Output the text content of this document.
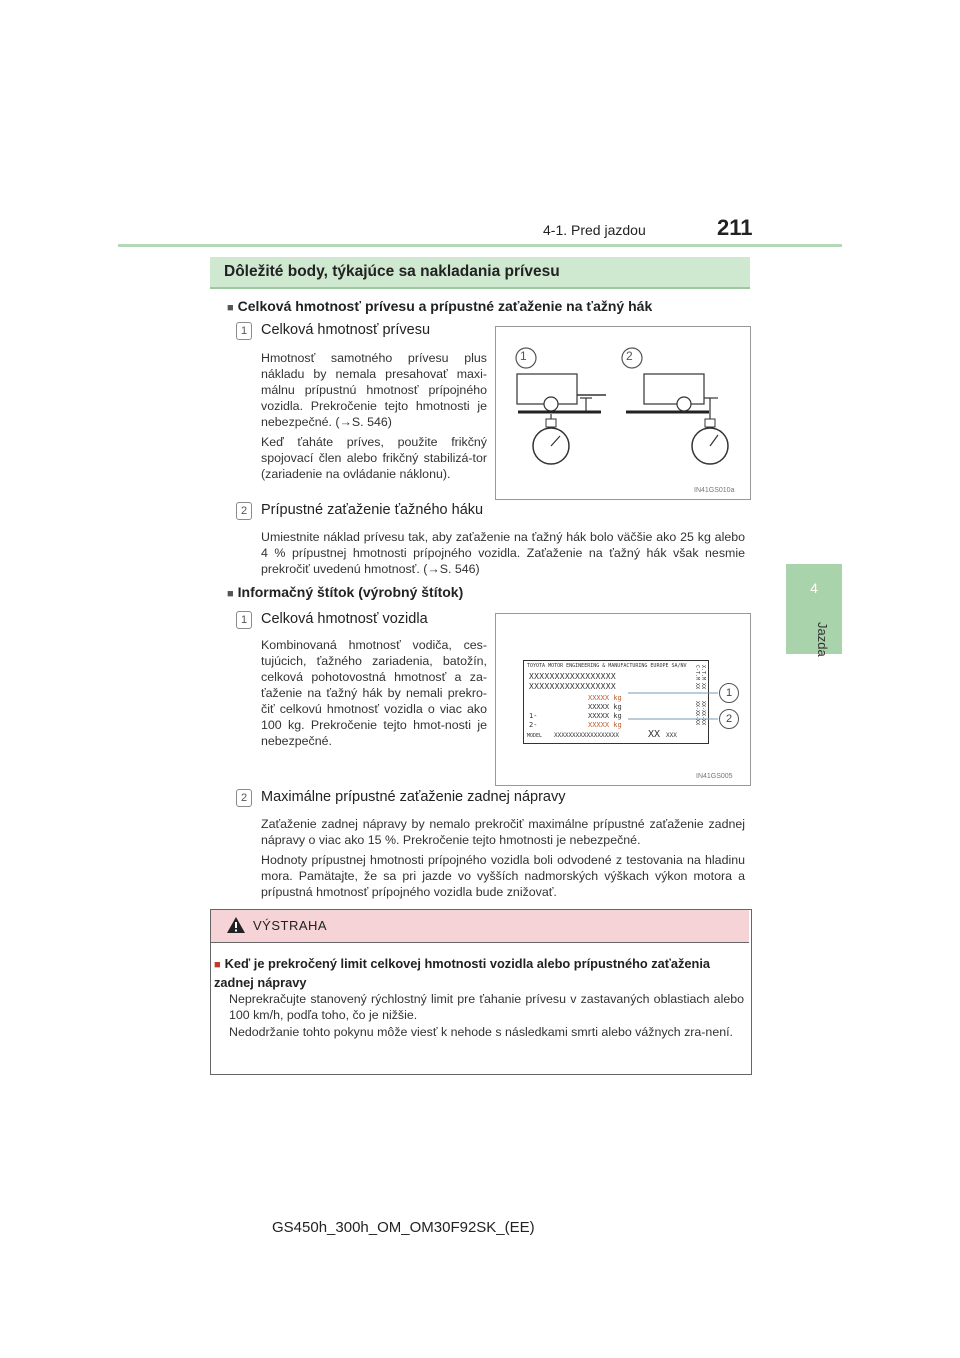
4-1. Pred jazdou	211
4
Jazda
Dôležité body, týkajúce sa nakladania prívesu
■ Celková hmotnosť prívesu a prípustné zaťaženie na ťažný hák
1 Celková hmotnosť prívesu
Hmotnosť samotného prívesu plus nákladu by nemala presahovať maxi-málnu prípustnú hmotnosť prípojného vozidla. Prekročenie tejto hmotnosti je nebezpečné. (→S. 546)
Keď ťaháte príves, použite frikčný spojovací člen alebo frikčný stabilizá-tor (zariadenie na ovládanie náklonu).
1	2
IN41GS010a
2 Prípustné zaťaženie ťažného háku
Umiestnite náklad prívesu tak, aby zaťaženie na ťažný hák bolo väčšie ako 25 kg alebo 4 % prípustnej hmotnosti prípojného vozidla. Zaťaženie na ťažný hák však nesmie prekročiť uvedenú hmotnosť. (→S. 546)
■ Informačný štítok (výrobný štítok)
1 Celková hmotnosť vozidla
Kombinovaná hmotnosť vodiča, ces-tujúcich, ťažného zariadenia, batožín, celková pohotovostná hmotnosť a za-ťaženie na ťažný hák by nemali prekro-čiť celkovú hmotnosť vozidla o viac ako 100 kg. Prekročenie tejto hmot-nosti je nebezpečné.
TOYOTA MOTOR ENGINEERING & MANUFACTURING EUROPE SA/NV
XXXXXXXXXXXXXXXXX
XXXXXXXXXXXXXXXXX
XXXXX kg
XXXXX kg
XXXXX kg
XXXXX kg
1-
2-
MODEL XXXXXXXXXXXXXXXXXX	XX XXX
C-T.M XX X.T.M XX
XX-XX-XX XX-XX-XX
1
2
IN41GS005
2 Maximálne prípustné zaťaženie zadnej nápravy
Zaťaženie zadnej nápravy by nemalo prekročiť maximálne prípustné zaťaženie zadnej nápravy o viac ako 15 %. Prekročenie tejto hmotnosti je nebezpečné.
Hodnoty prípustnej hmotnosti prípojného vozidla boli odvodené z testovania na hladinu mora. Pamätajte, že sa pri jazde vo vyšších nadmorských výškach výkon motora a prípustná hmotnosť prípojného vozidla bude znižovať.
VÝSTRAHA
■ Keď je prekročený limit celkovej hmotnosti vozidla alebo prípustného zaťaženia zadnej nápravy
Neprekračujte stanovený rýchlostný limit pre ťahanie prívesu v zastavaných oblastiach alebo 100 km/h, podľa toho, čo je nižšie.
Nedodržanie tohto pokynu môže viesť k nehode s následkami smrti alebo vážnych zra-není.
GS450h_300h_OM_OM30F92SK_(EE)
